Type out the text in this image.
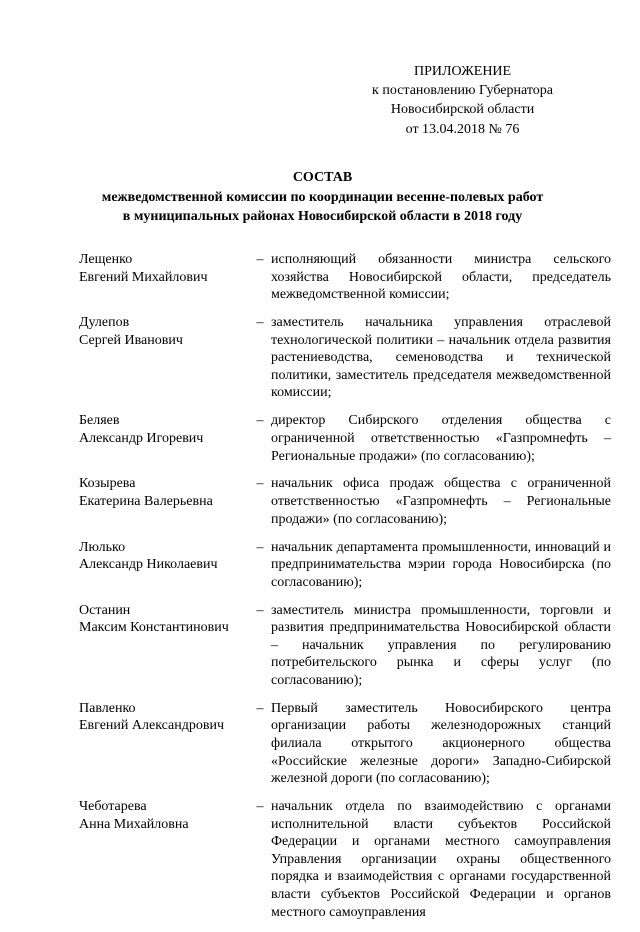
ПРИЛОЖЕНИЕ
к постановлению Губернатора
Новосибирской области
от 13.04.2018 № 76
СОСТАВ
межведомственной комиссии по координации весенне-полевых работ
в муниципальных районах Новосибирской области в 2018 году
Лещенко
Евгений Михайлович
– исполняющий обязанности министра сельского хозяйства Новосибирской области, председатель межведомственной комиссии;
Дулепов
Сергей Иванович
– заместитель начальника управления отраслевой технологической политики – начальник отдела развития растениеводства, семеноводства и технической политики, заместитель председателя межведомственной комиссии;
Беляев
Александр Игоревич
– директор Сибирского отделения общества с ограниченной ответственностью «Газпромнефть – Региональные продажи» (по согласованию);
Козырева
Екатерина Валерьевна
– начальник офиса продаж общества с ограниченной ответственностью «Газпромнефть – Региональные продажи» (по согласованию);
Люлько
Александр Николаевич
– начальник департамента промышленности, инноваций и предпринимательства мэрии города Новосибирска (по согласованию);
Останин
Максим Константинович
– заместитель министра промышленности, торговли и развития предпринимательства Новосибирской области – начальник управления по регулированию потребительского рынка и сферы услуг (по согласованию);
Павленко
Евгений Александрович
– Первый заместитель Новосибирского центра организации работы железнодорожных станций филиала открытого акционерного общества «Российские железные дороги» Западно-Сибирской железной дороги (по согласованию);
Чеботарева
Анна Михайловна
– начальник отдела по взаимодействию с органами исполнительной власти субъектов Российской Федерации и органами местного самоуправления Управления организации охраны общественного порядка и взаимодействия с органами государственной власти субъектов Российской Федерации и органов местного самоуправления
